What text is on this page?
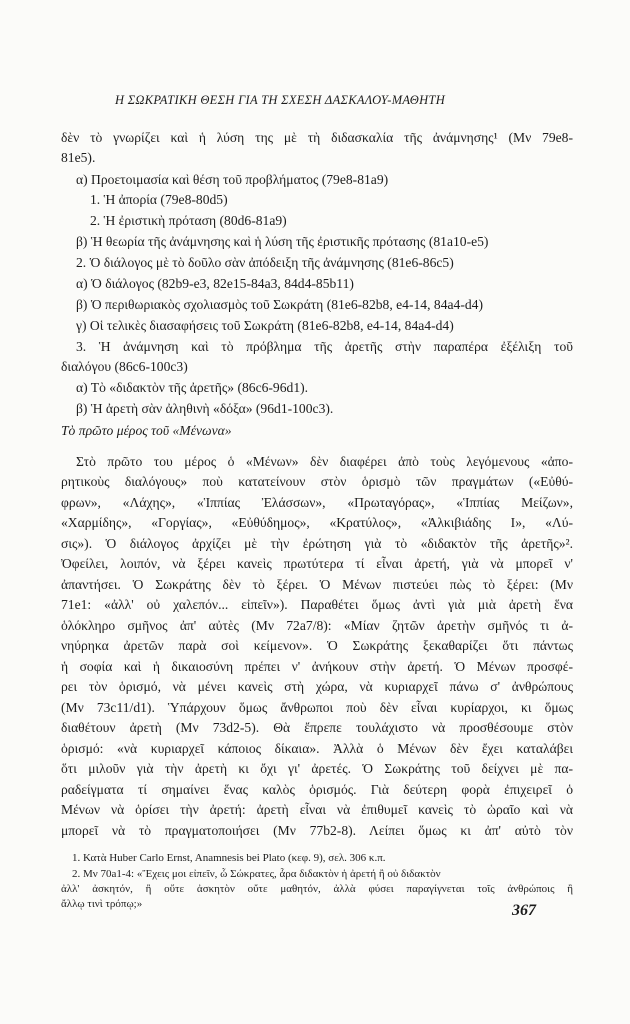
Η ΣΩΚΡΑΤΙΚΗ ΘΕΣΗ ΓΙΑ ΤΗ ΣΧΕΣΗ ΔΑΣΚΑΛΟΥ-ΜΑΘΗΤΗ
δὲν τὸ γνωρίζει καὶ ἡ λύση της μὲ τὴ διδασκαλία τῆς ἀνάμνησης¹ (Μν 79e8-
81e5).
α) Προετοιμασία καὶ θέση τοῦ προβλήματος (79e8-81a9)
1. Ἡ ἀπορία (79e8-80d5)
2. Ἡ ἐριστικὴ πρόταση (80d6-81a9)
β) Ἡ θεωρία τῆς ἀνάμνησης καὶ ἡ λύση τῆς ἐριστικῆς πρότασης (81a10-e5)
2. Ὁ διάλογος μὲ τὸ δοῦλο σὰν ἀπόδειξη τῆς ἀνάμνησης (81e6-86c5)
α) Ὁ διάλογος (82b9-e3, 82e15-84a3, 84d4-85b11)
β) Ὁ περιθωριακὸς σχολιασμὸς τοῦ Σωκράτη (81e6-82b8, e4-14, 84a4-d4)
γ) Οἱ τελικὲς διασαφήσεις τοῦ Σωκράτη (81e6-82b8, e4-14, 84a4-d4)
3. Ἡ ἀνάμνηση καὶ τὸ πρόβλημα τῆς ἀρετῆς στὴν παραπέρα ἐξέλιξη τοῦ
διαλόγου (86c6-100c3)
α) Τὸ «διδακτὸν τῆς ἀρετῆς» (86c6-96d1).
β) Ἡ ἀρετὴ σὰν ἀληθινὴ «δόξα» (96d1-100c3).
Τὸ πρῶτο μέρος τοῦ «Μένωνα»
Στὸ πρῶτο του μέρος ὁ «Μένων» δὲν διαφέρει ἀπὸ τοὺς λεγόμενους «ἀπο-
ρητικοὺς διαλόγους» ποὺ κατατείνουν στὸν ὁρισμὸ τῶν πραγμάτων («Εὐθύ-
φρων», «Λάχης», «Ἱππίας Ἐλάσσων», «Πρωταγόρας», «Ἱππίας Μείζων»,
«Χαρμίδης», «Γοργίας», «Εὐθύδημος», «Κρατύλος», «Ἀλκιβιάδης Ι», «Λύ-
σις»). Ὁ διάλογος ἀρχίζει μὲ τὴν ἐρώτηση γιὰ τὸ «διδακτὸν τῆς ἀρετῆς»².
Ὀφείλει, λοιπόν, νὰ ξέρει κανεὶς πρωτύτερα τί εἶναι ἀρετή, γιὰ νὰ μπορεῖ ν'
ἀπαντήσει. Ὁ Σωκράτης δὲν τὸ ξέρει. Ὁ Μένων πιστεύει πὼς τὸ ξέρει: (Μν
71e1: «ἀλλ' οὐ χαλεπόν... εἰπεῖν»). Παραθέτει ὅμως ἀντὶ γιὰ μιὰ ἀρετὴ ἕνα
ὁλόκληρο σμῆνος ἀπ' αὐτὲς (Μν 72a7/8): «Μίαν ζητῶν ἀρετὴν σμῆνός τι ἀ-
νηύρηκα ἀρετῶν παρὰ σοὶ κείμενον». Ὁ Σωκράτης ξεκαθαρίζει ὅτι πάντως
ἡ σοφία καὶ ἡ δικαιοσύνη πρέπει ν' ἀνήκουν στὴν ἀρετή. Ὁ Μένων προσφέ-
ρει τὸν ὁρισμό, νὰ μένει κανεὶς στὴ χώρα, νὰ κυριαρχεῖ πάνω σ' ἀνθρώπους
(Μν 73c11/d1). Ὑπάρχουν ὅμως ἄνθρωποι ποὺ δὲν εἶναι κυρίαρχοι, κι ὅμως
διαθέτουν ἀρετὴ (Μν 73d2-5). Θὰ ἔπρεπε τουλάχιστο νὰ προσθέσουμε στὸν
ὁρισμό: «νὰ κυριαρχεῖ κάποιος δίκαια». Ἀλλὰ ὁ Μένων δὲν ἔχει καταλάβει
ὅτι μιλοῦν γιὰ τὴν ἀρετὴ κι ὄχι γι' ἀρετές. Ὁ Σωκράτης τοῦ δείχνει μὲ πα-
ραδείγματα τί σημαίνει ἕνας καλὸς ὁρισμός. Γιὰ δεύτερη φορὰ ἐπιχειρεῖ ὁ
Μένων νὰ ὁρίσει τὴν ἀρετή: ἀρετὴ εἶναι νὰ ἐπιθυμεῖ κανεὶς τὸ ὡραῖο καὶ νὰ
μπορεῖ νὰ τὸ πραγματοποιήσει (Μν 77b2-8). Λείπει ὅμως κι ἀπ' αὐτὸ τὸν
1. Κατὰ Huber Carlo Ernst, Anamnesis bei Plato (κεφ. 9), σελ. 306 κ.π.
2. Μν 70a1-4: «Ἔχεις μοι εἰπεῖν, ὦ Σώκρατες, ἆρα διδακτὸν ἡ ἀρετή ἢ οὐ διδακτὸν
ἀλλ' ἀσκητόν, ἢ οὔτε ἀσκητὸν οὔτε μαθητόν, ἀλλὰ φύσει παραγίγνεται τοῖς ἀνθρώποις ἢ
ἄλλῳ τινὶ τρόπῳ;»	367
